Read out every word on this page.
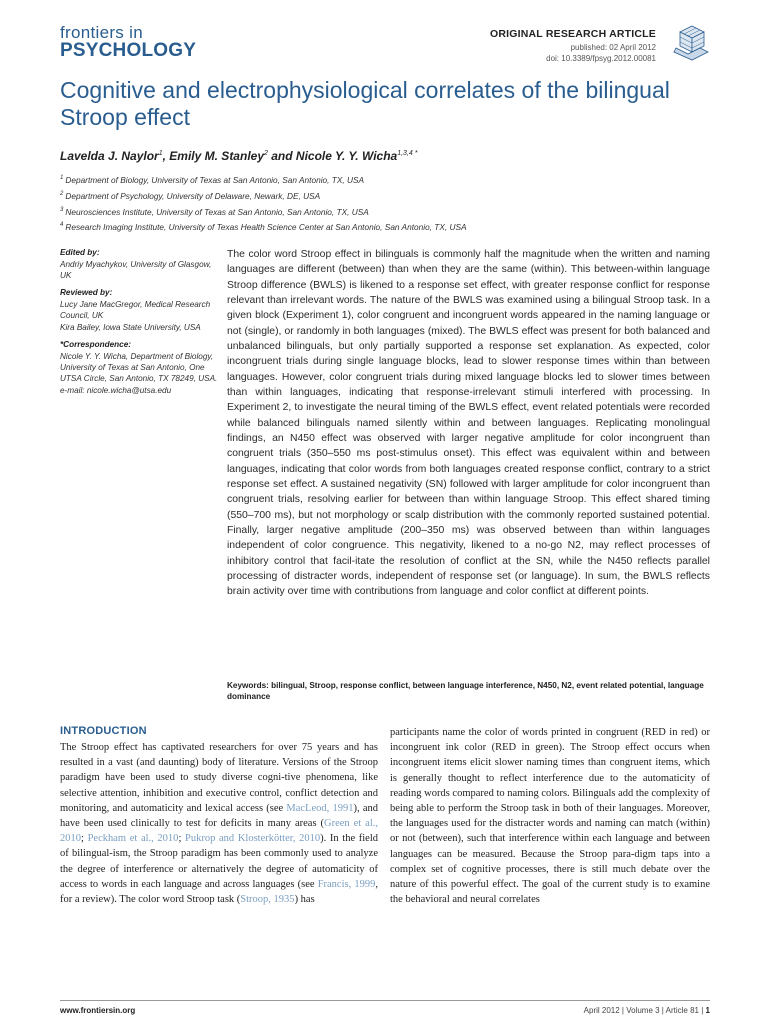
frontiers in
PSYCHOLOGY
ORIGINAL RESEARCH ARTICLE
published: 02 April 2012
doi: 10.3389/fpsyg.2012.00081
Cognitive and electrophysiological correlates of the bilingual Stroop effect
Lavelda J. Naylor$^1$, Emily M. Stanley$^2$ and Nicole Y. Y. Wicha$^{1,3,4 *}$
$^1$ Department of Biology, University of Texas at San Antonio, San Antonio, TX, USA
$^2$ Department of Psychology, University of Delaware, Newark, DE, USA
$^3$ Neurosciences Institute, University of Texas at San Antonio, San Antonio, TX, USA
$^4$ Research Imaging Institute, University of Texas Health Science Center at San Antonio, San Antonio, TX, USA
Edited by:
Andriy Myachykov, University of Glasgow, UK
Reviewed by:
Lucy Jane MacGregor, Medical Research Council, UK
Kira Bailey, Iowa State University, USA
*Correspondence:
Nicole Y. Y. Wicha, Department of Biology, University of Texas at San Antonio, One UTSA Circle, San Antonio, TX 78249, USA.
e-mail: nicole.wicha@utsa.edu
The color word Stroop effect in bilinguals is commonly half the magnitude when the written and naming languages are different (between) than when they are the same (within). This between-within language Stroop difference (BWLS) is likened to a response set effect, with greater response conflict for response relevant than irrelevant words. The nature of the BWLS was examined using a bilingual Stroop task. In a given block (Experiment 1), color congruent and incongruent words appeared in the naming language or not (single), or randomly in both languages (mixed). The BWLS effect was present for both balanced and unbalanced bilinguals, but only partially supported a response set explanation. As expected, color incongruent trials during single language blocks, lead to slower response times within than between languages. However, color congruent trials during mixed language blocks led to slower times between than within languages, indicating that response-irrelevant stimuli interfered with processing. In Experiment 2, to investigate the neural timing of the BWLS effect, event related potentials were recorded while balanced bilinguals named silently within and between languages. Replicating monolingual findings, an N450 effect was observed with larger negative amplitude for color incongruent than congruent trials (350–550 ms post-stimulus onset). This effect was equivalent within and between languages, indicating that color words from both languages created response conflict, contrary to a strict response set effect. A sustained negativity (SN) followed with larger amplitude for color incongruent than congruent trials, resolving earlier for between than within language Stroop. This effect shared timing (550–700 ms), but not morphology or scalp distribution with the commonly reported sustained potential. Finally, larger negative amplitude (200–350 ms) was observed between than within languages independent of color congruence. This negativity, likened to a no-go N2, may reflect processes of inhibitory control that facil-itate the resolution of conflict at the SN, while the N450 reflects parallel processing of distracter words, independent of response set (or language). In sum, the BWLS reflects brain activity over time with contributions from language and color conflict at different points.
Keywords: bilingual, Stroop, response conflict, between language interference, N450, N2, event related potential, language dominance
INTRODUCTION
The Stroop effect has captivated researchers for over 75 years and has resulted in a vast (and daunting) body of literature. Versions of the Stroop paradigm have been used to study diverse cogni-tive phenomena, like selective attention, inhibition and executive control, conflict detection and monitoring, and automaticity and lexical access (see MacLeod, 1991), and have been used clinically to test for deficits in many areas (Green et al., 2010; Peckham et al., 2010; Pukrop and Klosterkötter, 2010). In the field of bilingual-ism, the Stroop paradigm has been commonly used to analyze the degree of interference or alternatively the degree of automaticity of access to words in each language and across languages (see Francis, 1999, for a review). The color word Stroop task (Stroop, 1935) has
participants name the color of words printed in congruent (RED in red) or incongruent ink color (RED in green). The Stroop effect occurs when incongruent items elicit slower naming times than congruent items, which is generally thought to reflect interference due to the automaticity of reading words compared to naming colors. Bilinguals add the complexity of being able to perform the Stroop task in both of their languages. Moreover, the languages used for the distracter words and naming can match (within) or not (between), such that interference within each language and between languages can be measured. Because the Stroop para-digm taps into a complex set of cognitive processes, there is still much debate over the nature of this powerful effect. The goal of the current study is to examine the behavioral and neural correlates
www.frontiersin.org	April 2012 | Volume 3 | Article 81 | 1
